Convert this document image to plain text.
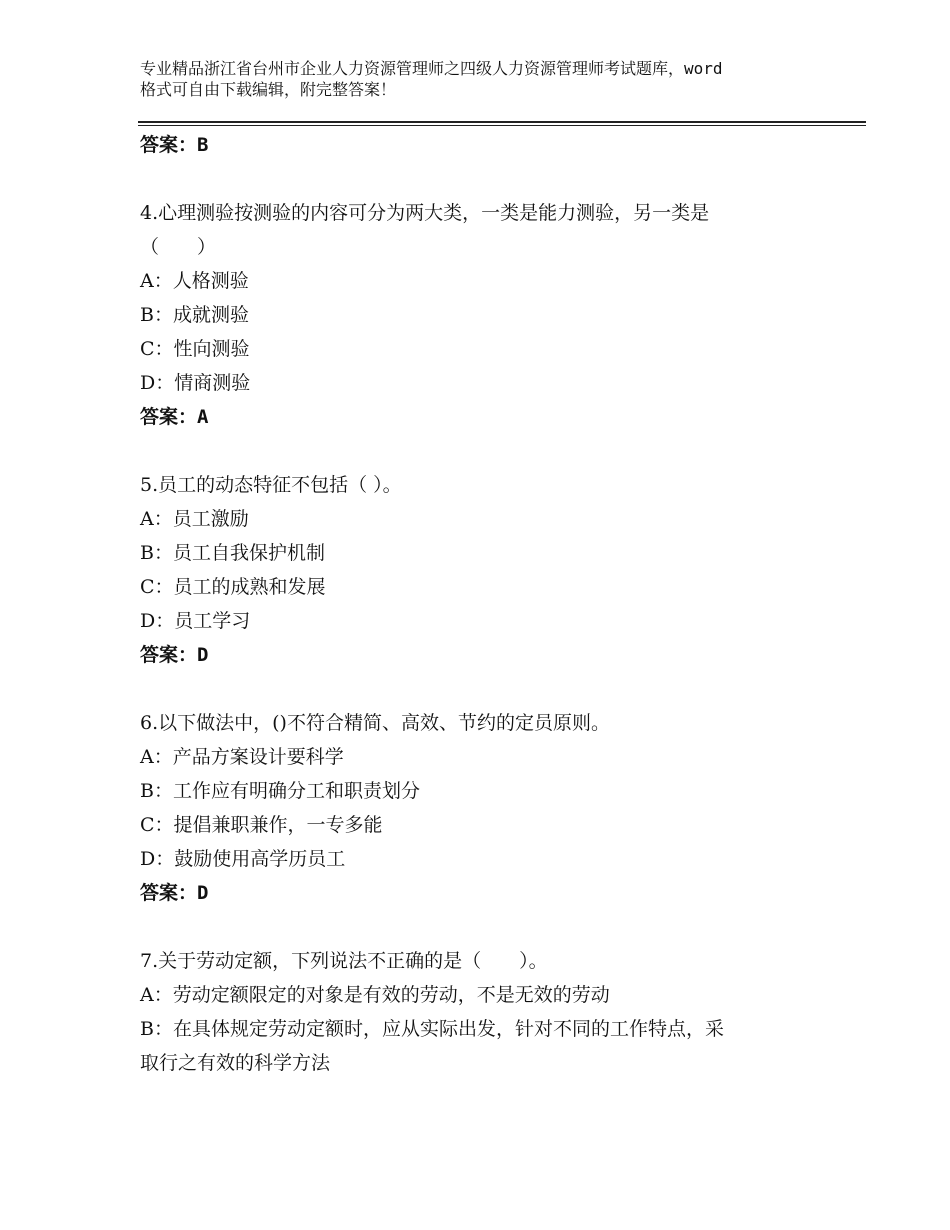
专业精品浙江省台州市企业人力资源管理师之四级人力资源管理师考试题库，word
格式可自由下载编辑，附完整答案！
答案：B
4.心理测验按测验的内容可分为两大类，一类是能力测验，另一类是
（　　）
A：人格测验
B：成就测验
C：性向测验
D：情商测验
答案：A
5.员工的动态特征不包括（ ）。
A：员工激励
B：员工自我保护机制
C：员工的成熟和发展
D：员工学习
答案：D
6.以下做法中，()不符合精简、高效、节约的定员原则。
A：产品方案设计要科学
B：工作应有明确分工和职责划分
C：提倡兼职兼作，一专多能
D：鼓励使用高学历员工
答案：D
7.关于劳动定额，下列说法不正确的是（　　）。
A：劳动定额限定的对象是有效的劳动，不是无效的劳动
B：在具体规定劳动定额时，应从实际出发，针对不同的工作特点，采
取行之有效的科学方法
